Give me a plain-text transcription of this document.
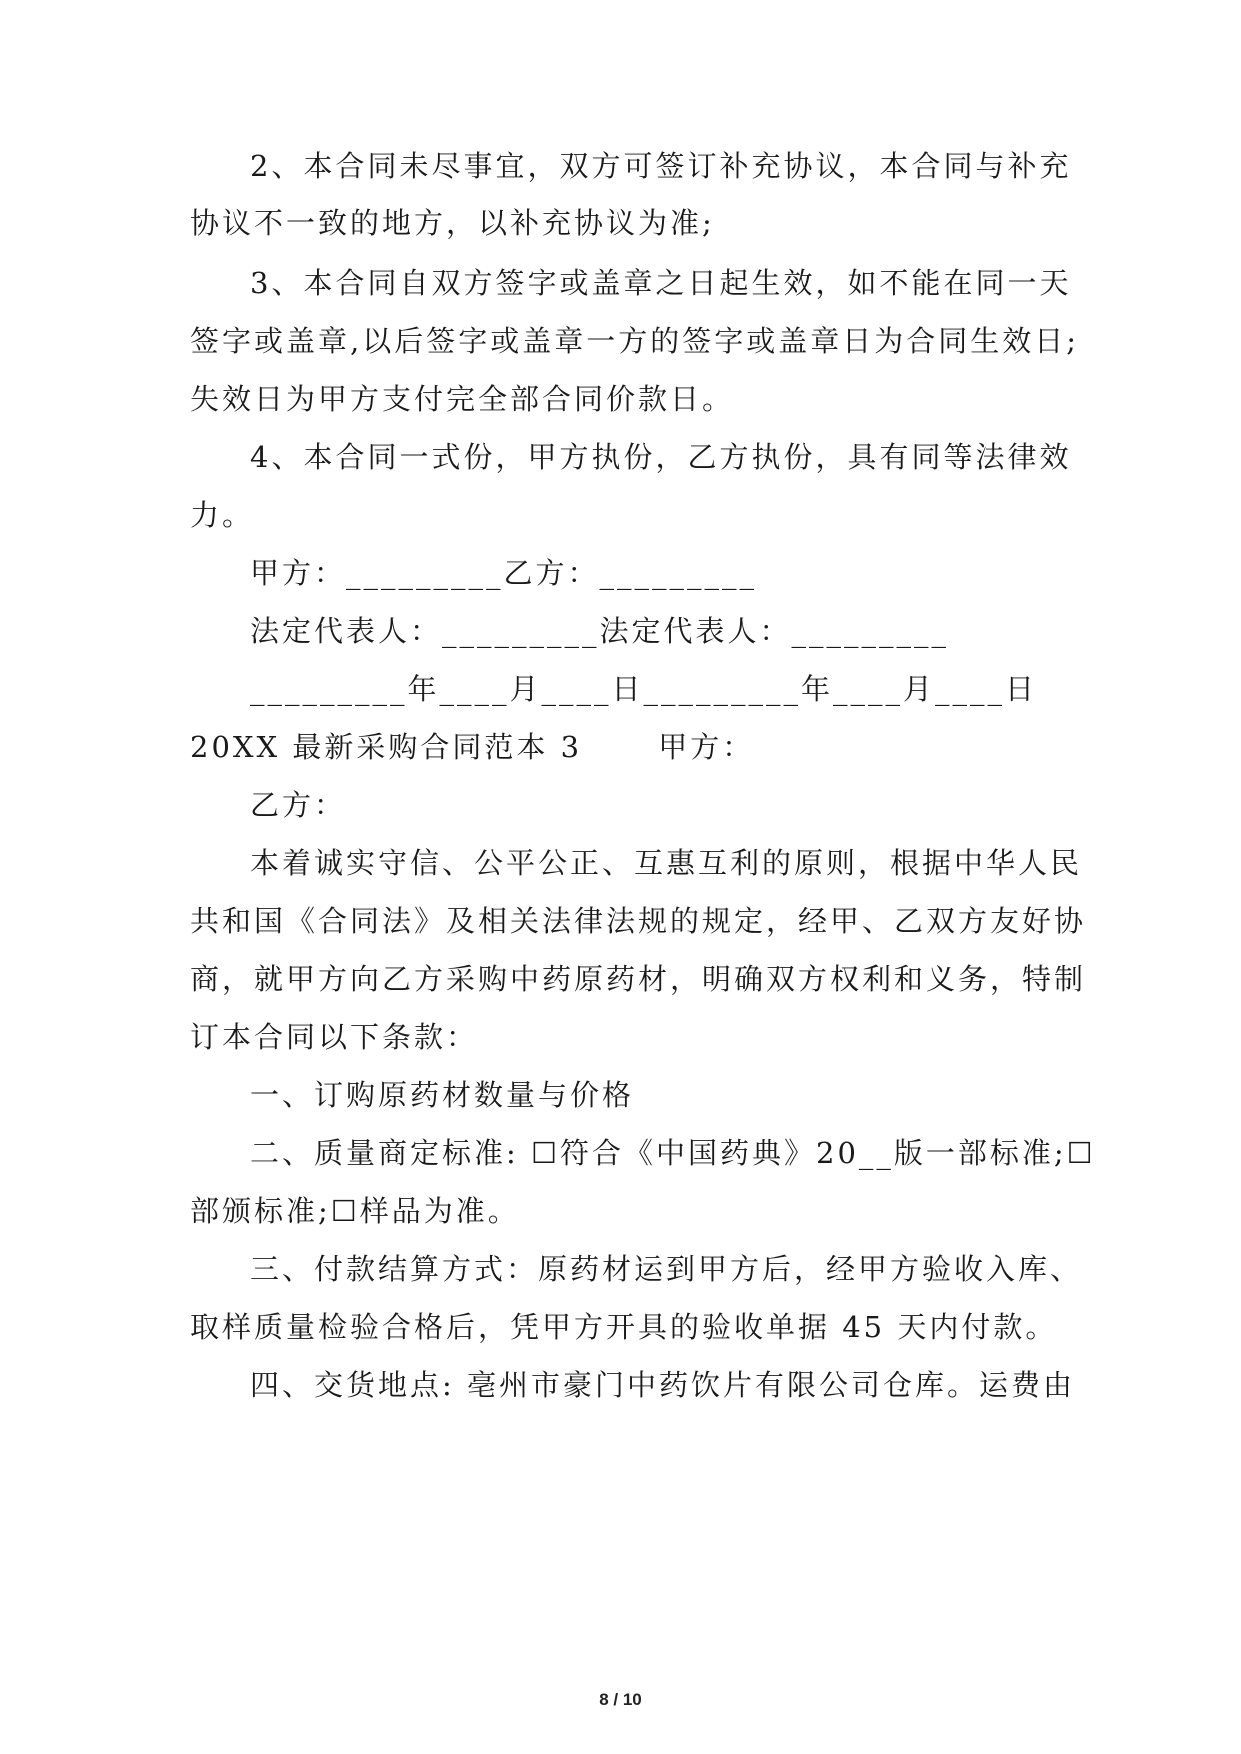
2、本合同未尽事宜，双方可签订补充协议，本合同与补充
协议不一致的地方，以补充协议为准;
3、本合同自双方签字或盖章之日起生效，如不能在同一天
签字或盖章,以后签字或盖章一方的签字或盖章日为合同生效日;
失效日为甲方支付完全部合同价款日。
4、本合同一式份，甲方执份，乙方执份，具有同等法律效
力。
甲方：_________乙方：_________
法定代表人：_________法定代表人：_________
_________年____月____日_________年____月____日
20XX 最新采购合同范本 3　　 甲方：
乙方：
本着诚实守信、公平公正、互惠互利的原则，根据中华人民
共和国《合同法》及相关法律法规的规定，经甲、乙双方友好协
商，就甲方向乙方采购中药原药材，明确双方权利和义务，特制
订本合同以下条款：
一、订购原药材数量与价格
二、质量商定标准: ☐符合《中国药典》20__版一部标准;☐
部颁标准;☐样品为准。
三、付款结算方式：原药材运到甲方后，经甲方验收入库、
取样质量检验合格后，凭甲方开具的验收单据 45 天内付款。
四、交货地点: 亳州市豪门中药饮片有限公司仓库。运费由
8 / 10
